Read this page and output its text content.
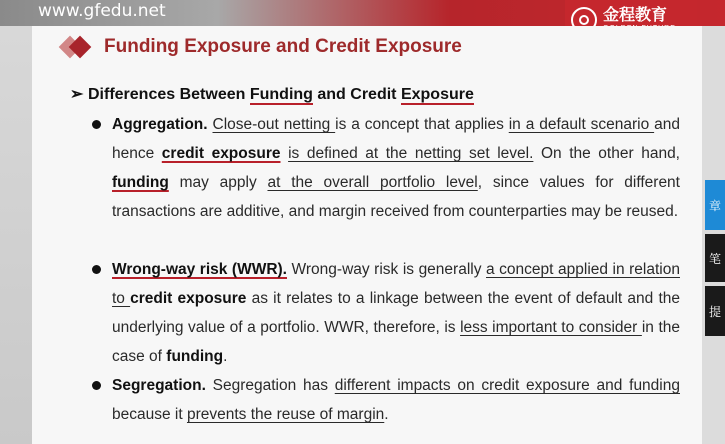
www.gfedu.net	金程教育
Funding Exposure and Credit Exposure
➢ Differences Between Funding and Credit Exposure
Aggregation. Close-out netting is a concept that applies in a default scenario and hence credit exposure is defined at the netting set level. On the other hand, funding may apply at the overall portfolio level, since values for different transactions are additive, and margin received from counterparties may be reused.
Wrong-way risk (WWR). Wrong-way risk is generally a concept applied in relation to credit exposure as it relates to a linkage between the event of default and the underlying value of a portfolio. WWR, therefore, is less important to consider in the case of funding.
Segregation. Segregation has different impacts on credit exposure and funding because it prevents the reuse of margin.
章
笔
提
